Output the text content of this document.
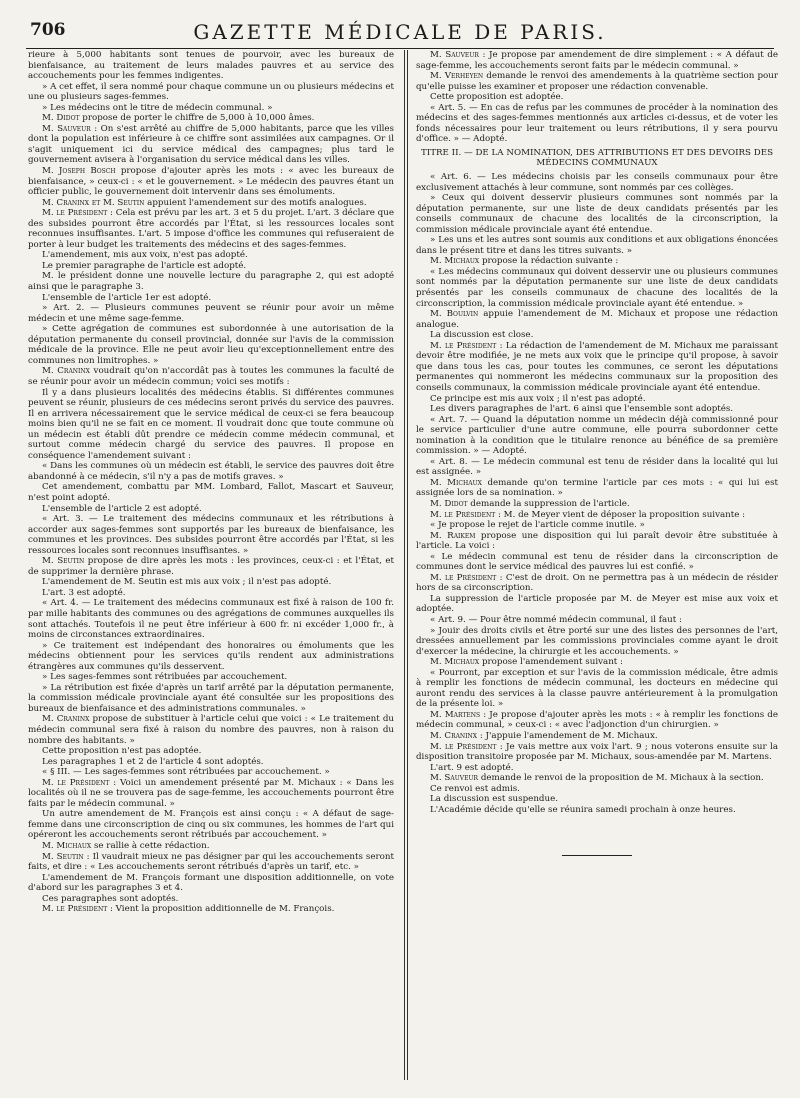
706	GAZETTE MÉDICALE DE PARIS.

rieure à 5,000 habitants sont tenues de pourvoir, avec les bureaux de bienfaisance, au traitement de leurs malades pauvres et au service des accouchements pour les femmes indigentes.

» A cet effet, il sera nommé pour chaque commune un ou plusieurs médecins et une ou plusieurs sages-femmes.

» Les médecins ont le titre de médecin communal. »

M. Didot propose de porter le chiffre de 5,000 à 10,000 âmes.

M. Sauveur : On s'est arrêté au chiffre de 5,000 habitants, parce que les villes dont la population est inférieure à ce chiffre sont assimilées aux campagnes. Or il s'agit uniquement ici du service médical des campagnes; plus tard le gouvernement avisera à l'organisation du service médical dans les villes.

M. Joseph Bosch propose d'ajouter après les mots : « avec les bureaux de bienfaisance, » ceux-ci : « et le gouvernement. » Le médecin des pauvres étant un officier public, le gouvernement doit intervenir dans ses émoluments.

M. Craninx et M. Seutin appuient l'amendement sur des motifs analogues.

M. le Président : Cela est prévu par les art. 3 et 5 du projet. L'art. 3 déclare que des subsides pourront être accordés par l'État, si les ressources locales sont reconnues insuffisantes. L'art. 5 impose d'office les communes qui refuseraient de porter à leur budget les traitements des médecins et des sages-femmes.

L'amendement, mis aux voix, n'est pas adopté.

Le premier paragraphe de l'article est adopté.

M. le président donne une nouvelle lecture du paragraphe 2, qui est adopté ainsi que le paragraphe 3.

L'ensemble de l'article 1er est adopté.

» Art. 2. — Plusieurs communes peuvent se réunir pour avoir un même médecin et une même sage-femme.

» Cette agrégation de communes est subordonnée à une autorisation de la députation permanente du conseil provincial, donnée sur l'avis de la commission médicale de la province. Elle ne peut avoir lieu qu'exceptionnellement entre des communes non limitrophes. »

M. Craninx voudrait qu'on n'accordât pas à toutes les communes la faculté de se réunir pour avoir un médecin commun; voici ses motifs :

Il y a dans plusieurs localités des médecins établis. Si différentes communes peuvent se réunir, plusieurs de ces médecins seront privés du service des pauvres. Il en arrivera nécessairement que le service médical de ceux-ci se fera beaucoup moins bien qu'il ne se fait en ce moment. Il voudrait donc que toute commune où un médecin est établi dût prendre ce médecin comme médecin communal, et surtout comme médecin chargé du service des pauvres. Il propose en conséquence l'amendement suivant :

« Dans les communes où un médecin est établi, le service des pauvres doit être abandonné à ce médecin, s'il n'y a pas de motifs graves. »

Cet amendement, combattu par MM. Lombard, Fallot, Mascart et Sauveur, n'est point adopté.

L'ensemble de l'article 2 est adopté.

« Art. 3. — Le traitement des médecins communaux et les rétributions à accorder aux sages-femmes sont supportés par les bureaux de bienfaisance, les communes et les provinces. Des subsides pourront être accordés par l'État, si les ressources locales sont reconnues insuffisantes. »

M. Seutin propose de dire après les mots : les provinces, ceux-ci : et l'État, et de supprimer la dernière phrase.

L'amendement de M. Seutin est mis aux voix ; il n'est pas adopté.

L'art. 3 est adopté.

« Art. 4. — Le traitement des médecins communaux est fixé à raison de 100 fr. par mille habitants des communes ou des agrégations de communes auxquelles ils sont attachés. Toutefois il ne peut être inférieur à 600 fr. ni excéder 1,000 fr., à moins de circonstances extraordinaires.

» Ce traitement est indépendant des honoraires ou émoluments que les médecins obtiennent pour les services qu'ils rendent aux administrations étrangères aux communes qu'ils desservent.

» Les sages-femmes sont rétribuées par accouchement.

» La rétribution est fixée d'après un tarif arrêté par la députation permanente, la commission médicale provinciale ayant été consultée sur les propositions des bureaux de bienfaisance et des administrations communales. »

M. Craninx propose de substituer à l'article celui que voici : « Le traitement du médecin communal sera fixé à raison du nombre des pauvres, non à raison du nombre des habitants. »

Cette proposition n'est pas adoptée.

Les paragraphes 1 et 2 de l'article 4 sont adoptés.

« § III. — Les sages-femmes sont rétribuées par accouchement. »

M. le Président : Voici un amendement présenté par M. Michaux : « Dans les localités où il ne se trouvera pas de sage-femme, les accouchements pourront être faits par le médecin communal. »

Un autre amendement de M. François est ainsi conçu : « A défaut de sage-femme dans une circonscription de cinq ou six communes, les hommes de l'art qui opéreront les accouchements seront rétribués par accouchement. »

M. Michaux se rallie à cette rédaction.

M. Seutin : Il vaudrait mieux ne pas désigner par qui les accouchements seront faits, et dire : « Les accouchements seront rétribués d'après un tarif, etc. »

L'amendement de M. François formant une disposition additionnelle, on vote d'abord sur les paragraphes 3 et 4.

Ces paragraphes sont adoptés.

M. le Président : Vient la proposition additionnelle de M. François.

M. Sauveur : Je propose par amendement de dire simplement : « A défaut de sage-femme, les accouchements seront faits par le médecin communal. »

M. Verheyen demande le renvoi des amendements à la quatrième section pour qu'elle puisse les examiner et proposer une rédaction convenable.

Cette proposition est adoptée.

« Art. 5. — En cas de refus par les communes de procéder à la nomination des médecins et des sages-femmes mentionnés aux articles ci-dessus, et de voter les fonds nécessaires pour leur traitement ou leurs rétributions, il y sera pourvu d'office. » — Adopté.

TITRE II. — DE LA NOMINATION, DES ATTRIBUTIONS ET DES DEVOIRS DES MÉDECINS COMMUNAUX

« Art. 6. — Les médecins choisis par les conseils communaux pour être exclusivement attachés à leur commune, sont nommés par ces collèges.

» Ceux qui doivent desservir plusieurs communes sont nommés par la députation permanente, sur une liste de deux candidats présentés par les conseils communaux de chacune des localités de la circonscription, la commission médicale provinciale ayant été entendue.

» Les uns et les autres sont soumis aux conditions et aux obligations énoncées dans le présent titre et dans les titres suivants. »

M. Michaux propose la rédaction suivante :

« Les médecins communaux qui doivent desservir une ou plusieurs communes sont nommés par la députation permanente sur une liste de deux candidats présentés par les conseils communaux de chacune des localités de la circonscription, la commission médicale provinciale ayant été entendue. »

M. Boulvin appuie l'amendement de M. Michaux et propose une rédaction analogue.

La discussion est close.

M. le Président : La rédaction de l'amendement de M. Michaux me paraissant devoir être modifiée, je ne mets aux voix que le principe qu'il propose, à savoir que dans tous les cas, pour toutes les communes, ce seront les députations permanentes qui nommeront les médecins communaux sur la proposition des conseils communaux, la commission médicale provinciale ayant été entendue.

Ce principe est mis aux voix ; il n'est pas adopté.

Les divers paragraphes de l'art. 6 ainsi que l'ensemble sont adoptés.

« Art. 7. — Quand la députation nomme un médecin déjà commissionné pour le service particulier d'une autre commune, elle pourra subordonner cette nomination à la condition que le titulaire renonce au bénéfice de sa première commission. » — Adopté.

« Art. 8. — Le médecin communal est tenu de résider dans la localité qui lui est assignée. »

M. Michaux demande qu'on termine l'article par ces mots : « qui lui est assignée lors de sa nomination. »

M. Didot demande la suppression de l'article.

M. le Président : M. de Meyer vient de déposer la proposition suivante :

« Je propose le rejet de l'article comme inutile. »

M. Raikem propose une disposition qui lui paraît devoir être substituée à l'article. La voici :

« Le médecin communal est tenu de résider dans la circonscription de communes dont le service médical des pauvres lui est confié. »

M. le Président : C'est de droit. On ne permettra pas à un médecin de résider hors de sa circonscription.

La suppression de l'article proposée par M. de Meyer est mise aux voix et adoptée.

« Art. 9. — Pour être nommé médecin communal, il faut :

» Jouir des droits civils et être porté sur une des listes des personnes de l'art, dressées annuellement par les commissions provinciales comme ayant le droit d'exercer la médecine, la chirurgie et les accouchements. »

M. Michaux propose l'amendement suivant :

« Pourront, par exception et sur l'avis de la commission médicale, être admis à remplir les fonctions de médecin communal, les docteurs en médecine qui auront rendu des services à la classe pauvre antérieurement à la promulgation de la présente loi. »

M. Martens : Je propose d'ajouter après les mots : « à remplir les fonctions de médecin communal, » ceux-ci : « avec l'adjonction d'un chirurgien. »

M. Craninx : J'appuie l'amendement de M. Michaux.

M. le Président : Je vais mettre aux voix l'art. 9 ; nous voterons ensuite sur la disposition transitoire proposée par M. Michaux, sous-amendée par M. Martens.

L'art. 9 est adopté.

M. Sauveur demande le renvoi de la proposition de M. Michaux à la section.

Ce renvoi est admis.

La discussion est suspendue.

L'Académie décide qu'elle se réunira samedi prochain à onze heures.
